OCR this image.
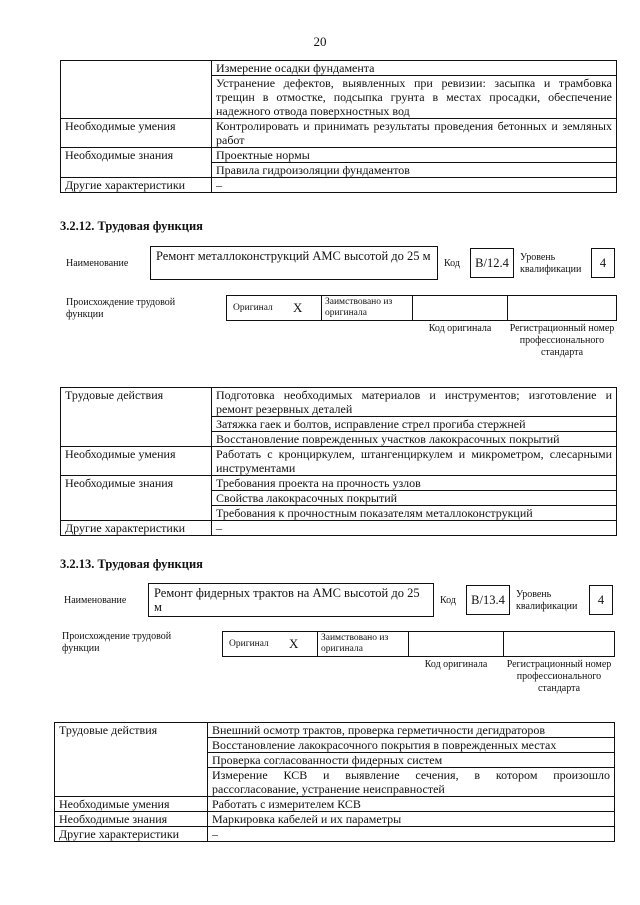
20
	Измерение осадки фундамента
	Устранение дефектов, выявленных при ревизии: засыпка и трамбовка трещин в отмостке, подсыпка грунта в местах просадки, обеспечение надежного отвода поверхностных вод
Необходимые умения	Контролировать и принимать результаты проведения бетонных и земляных работ
Необходимые знания	Проектные нормы
	Правила гидроизоляции фундаментов
Другие характеристики	–
3.2.12. Трудовая функция
Наименование
Ремонт металлоконструкций АМС высотой до 25 м
Код	B/12.4	Уровень квалификации	4
Происхождение трудовой функции
Оригинал X	Заимствовано из оригинала
Код оригинала	Регистрационный номер профессионального стандарта
Трудовые действия	Подготовка необходимых материалов и инструментов; изготовление и ремонт резервных деталей
	Затяжка гаек и болтов, исправление стрел прогиба стержней
	Восстановление поврежденных участков лакокрасочных покрытий
Необходимые умения	Работать с кронциркулем, штангенциркулем и микрометром, слесарными инструментами
Необходимые знания	Требования проекта на прочность узлов
	Свойства лакокрасочных покрытий
	Требования к прочностным показателям металлоконструкций
Другие характеристики	–
3.2.13. Трудовая функция
Наименование
Ремонт фидерных трактов на АМС высотой до 25 м	Код	B/13.4	Уровень квалификации	4
Происхождение трудовой функции	Оригинал X	Заимствовано из оригинала
Код оригинала	Регистрационный номер профессионального стандарта
Трудовые действия	Внешний осмотр трактов, проверка герметичности дегидраторов
	Восстановление лакокрасочного покрытия в поврежденных местах
	Проверка согласованности фидерных систем
	Измерение КСВ и выявление сечения, в котором произошло рассогласование, устранение неисправностей
Необходимые умения	Работать с измерителем КСВ
Необходимые знания	Маркировка кабелей и их параметры
Другие характеристики	–
